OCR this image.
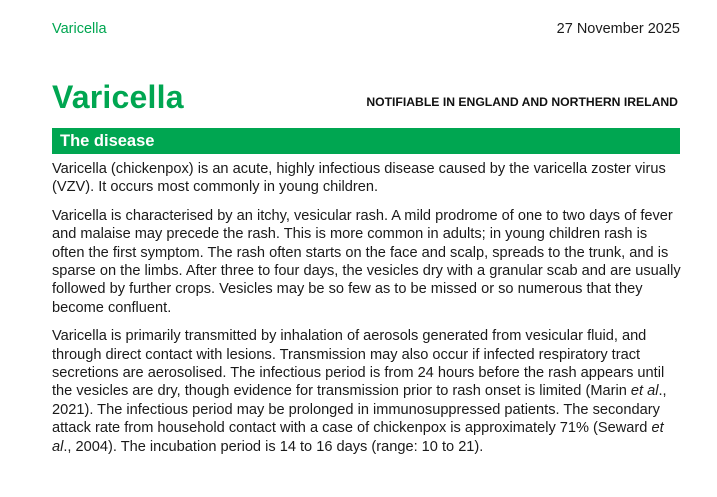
Varicella	27 November 2025
Varicella	NOTIFIABLE IN ENGLAND AND NORTHERN IRELAND
The disease

Varicella (chickenpox) is an acute, highly infectious disease caused by the varicella zoster virus (VZV). It occurs most commonly in young children.

Varicella is characterised by an itchy, vesicular rash. A mild prodrome of one to two days of fever and malaise may precede the rash. This is more common in adults; in young children rash is often the first symptom. The rash often starts on the face and scalp, spreads to the trunk, and is sparse on the limbs. After three to four days, the vesicles dry with a granular scab and are usually followed by further crops. Vesicles may be so few as to be missed or so numerous that they become confluent.

Varicella is primarily transmitted by inhalation of aerosols generated from vesicular fluid, and through direct contact with lesions. Transmission may also occur if infected respiratory tract secretions are aerosolised. The infectious period is from 24 hours before the rash appears until the vesicles are dry, though evidence for transmission prior to rash onset is limited (Marin et al., 2021). The infectious period may be prolonged in immunosuppressed patients. The secondary attack rate from household contact with a case of chickenpox is approximately 71% (Seward et al., 2004). The incubation period is 14 to 16 days (range: 10 to 21).
